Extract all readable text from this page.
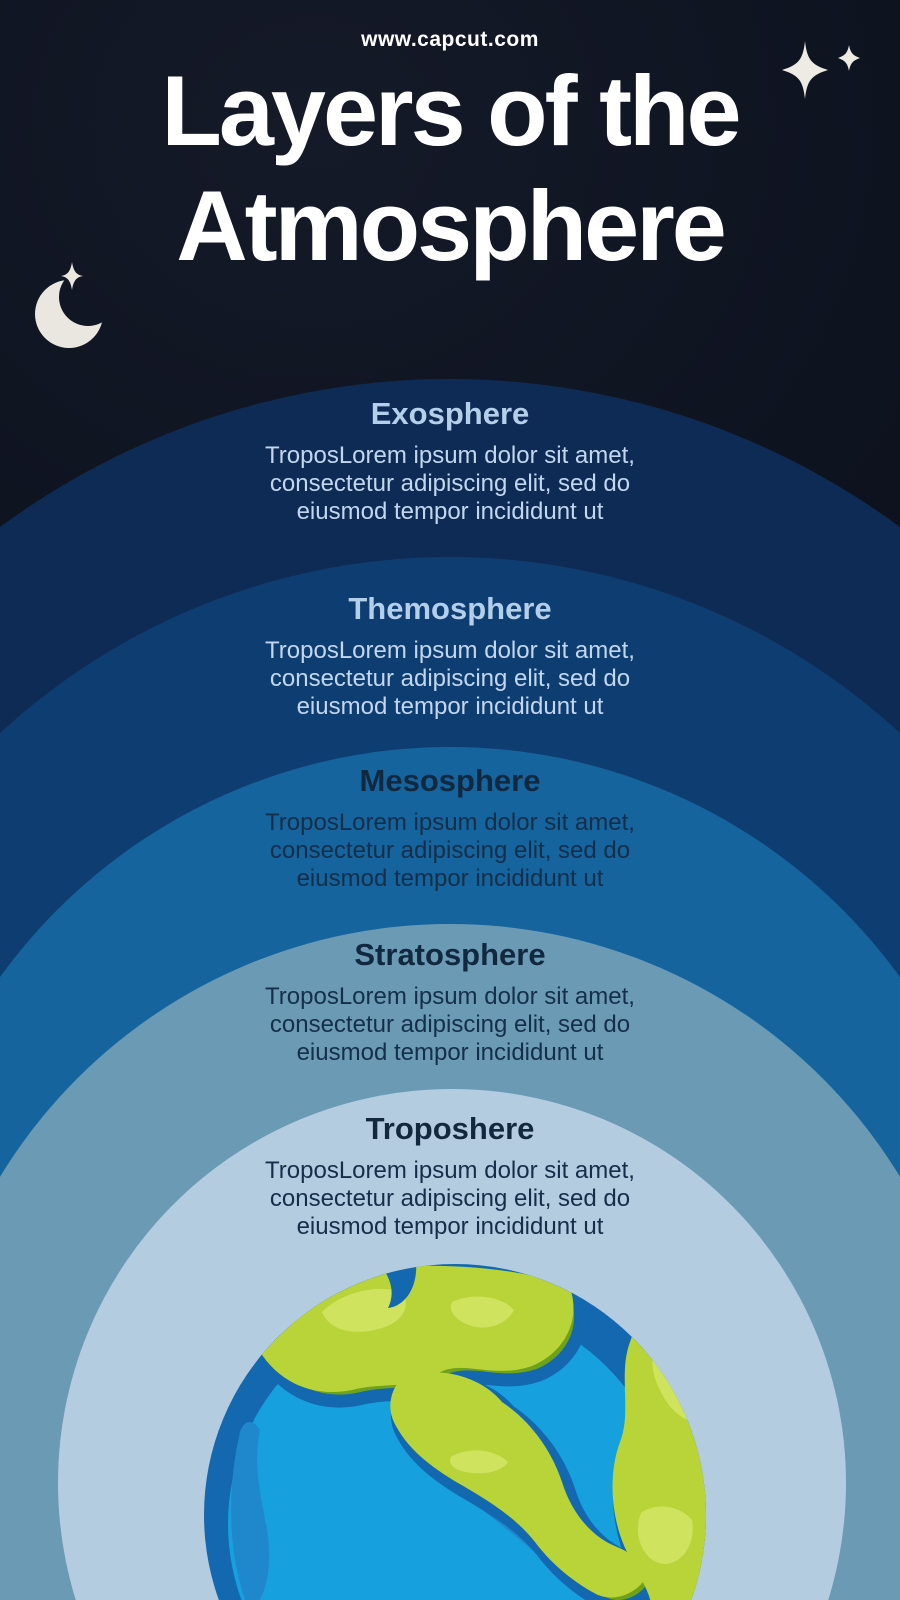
www.capcut.com
Layers of the
Atmosphere
Exosphere

TroposLorem ipsum dolor sit amet,
consectetur adipiscing elit, sed do
eiusmod tempor incididunt ut

Themosphere

TroposLorem ipsum dolor sit amet,
consectetur adipiscing elit, sed do
eiusmod tempor incididunt ut

Mesosphere

TroposLorem ipsum dolor sit amet,
consectetur adipiscing elit, sed do
eiusmod tempor incididunt ut

Stratosphere

TroposLorem ipsum dolor sit amet,
consectetur adipiscing elit, sed do
eiusmod tempor incididunt ut

Troposhere

TroposLorem ipsum dolor sit amet,
consectetur adipiscing elit, sed do
eiusmod tempor incididunt ut
